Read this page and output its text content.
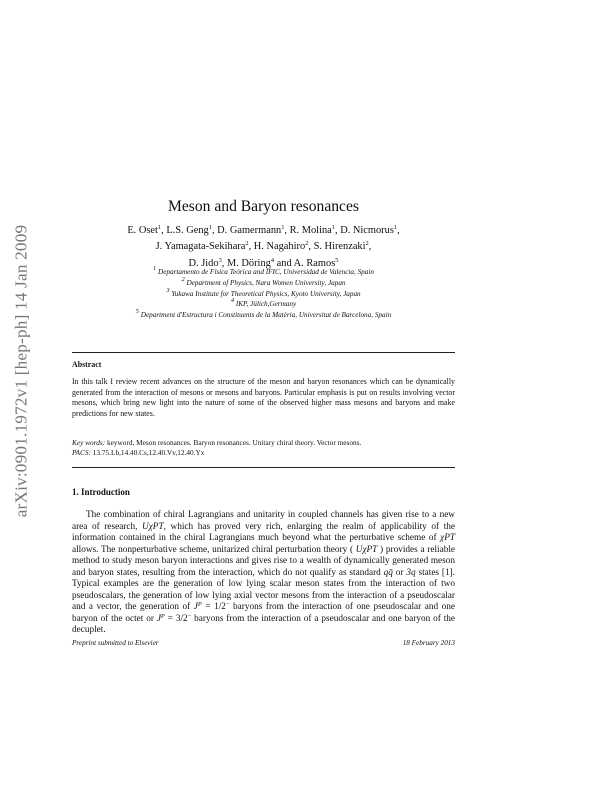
arXiv:0901.1972v1 [hep-ph] 14 Jan 2009
Meson and Baryon resonances
E. Oset$^1$, L.S. Geng$^1$, D. Gamermann$^1$, R. Molina$^1$, D. Nicmorus$^1$,
J. Yamagata-Sekihara$^2$, H. Nagahiro$^2$, S. Hirenzaki$^2$,
D. Jido$^3$, M. Döring$^4$ and A. Ramos$^5$
$^1$ Departamento de Física Teórica and IFIC, Universidad de Valencia, Spain
$^2$ Department of Physics, Nara Women University, Japan
$^3$ Yukawa Institute for Theoretical Physics, Kyoto University, Japan
$^4$ IKP, Jülich,Germany
$^5$ Department d'Estructura i Constituents de la Matèria, Universitat de Barcelona, Spain
Abstract

In this talk I review recent advances on the structure of the meson and baryon resonances which can be dynamically generated from the interaction of mesons or mesons and baryons. Particular emphasis is put on results involving vector mesons, which bring new light into the nature of some of the observed higher mass mesons and baryons and make predictions for new states.

Key words: keyword, Meson resonances. Baryon resonances. Unitary chiral theory. Vector mesons.
PACS: 13.75.Lb,14.40.Cs,12.40.Vv,12.40.Yx
1. Introduction

The combination of chiral Lagrangians and unitarity in coupled channels has given rise to a new area of research, UχPT, which has proved very rich, enlarging the realm of applicability of the information contained in the chiral Lagrangians much beyond what the perturbative scheme of χPT allows. The nonperturbative scheme, unitarized chiral perturbation theory ( UχPT ) provides a reliable method to study meson baryon interactions and gives rise to a wealth of dynamically generated meson and baryon states, resulting from the interaction, which do not qualify as standard qq̄ or 3q states [1]. Typical examples are the generation of low lying scalar meson states from the interaction of two pseudoscalars, the generation of low lying axial vector mesons from the interaction of a pseudoscalar and a vector, the generation of $J^P = 1/2^-$ baryons from the interaction of one pseudoscalar and one baryon of the octet or $J^P = 3/2^-$ baryons from the interaction of a pseudoscalar and one baryon of the decuplet.

Preprint submitted to Elsevier	18 February 2013
